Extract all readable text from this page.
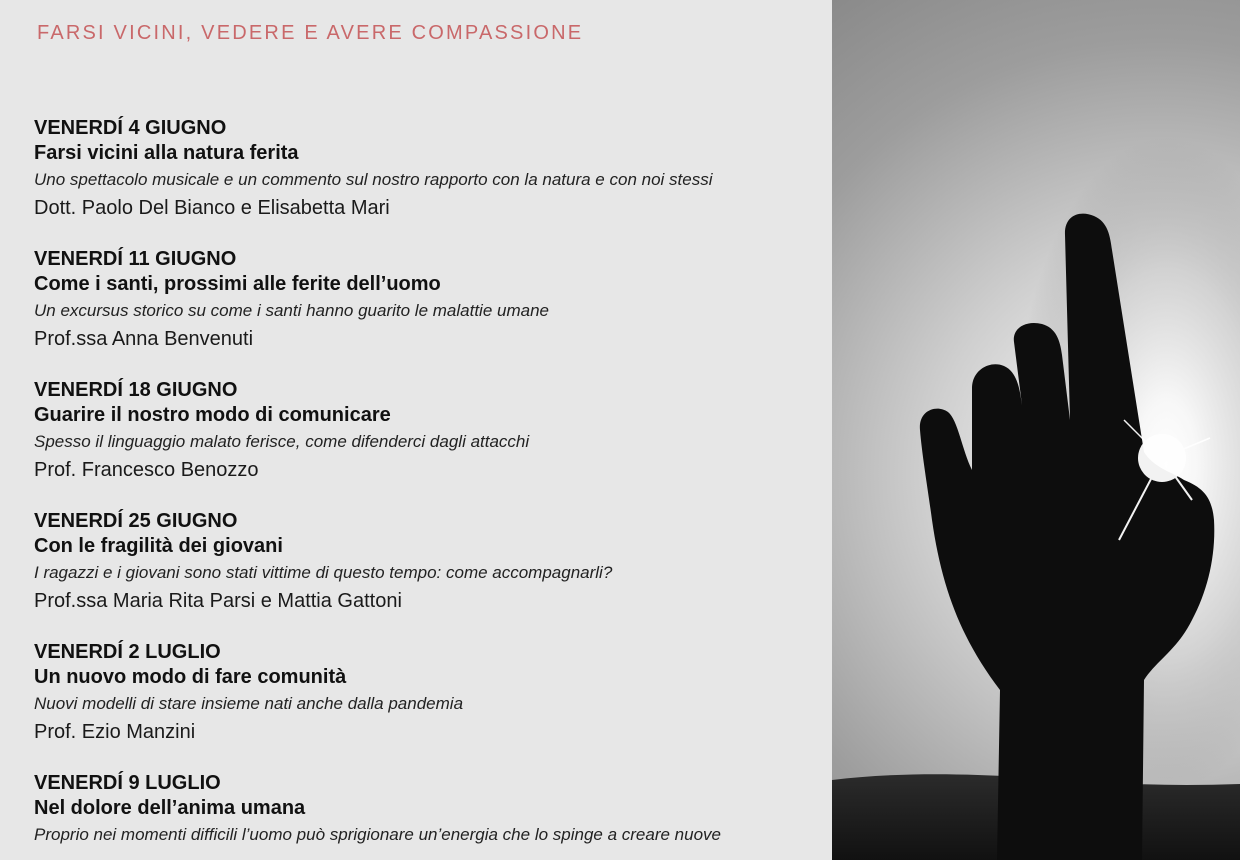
FARSI VICINI, VEDERE E AVERE COMPASSIONE
VENERDÍ 4 GIUGNO
Farsi vicini alla natura ferita
Uno spettacolo musicale e un commento sul nostro rapporto con la natura e con noi stessi
Dott. Paolo Del Bianco e Elisabetta Mari
VENERDÍ 11 GIUGNO
Come i santi, prossimi alle ferite dell’uomo
Un excursus storico su come i santi hanno guarito le malattie umane
Prof.ssa Anna Benvenuti
VENERDÍ 18 GIUGNO
Guarire il nostro modo di comunicare
Spesso il linguaggio malato ferisce, come difenderci dagli attacchi
Prof. Francesco Benozzo
VENERDÍ 25 GIUGNO
Con le fragilità dei giovani
I ragazzi e i giovani sono stati vittime di questo tempo: come accompagnarli?
Prof.ssa Maria Rita Parsi e Mattia Gattoni
VENERDÍ 2 LUGLIO
Un nuovo modo di fare comunità
Nuovi modelli di stare insieme nati anche dalla pandemia
Prof. Ezio Manzini
VENERDÍ 9 LUGLIO
Nel dolore dell’anima umana
Proprio nei momenti difficili l’uomo può sprigionare un’energia che lo spinge a creare nuove
